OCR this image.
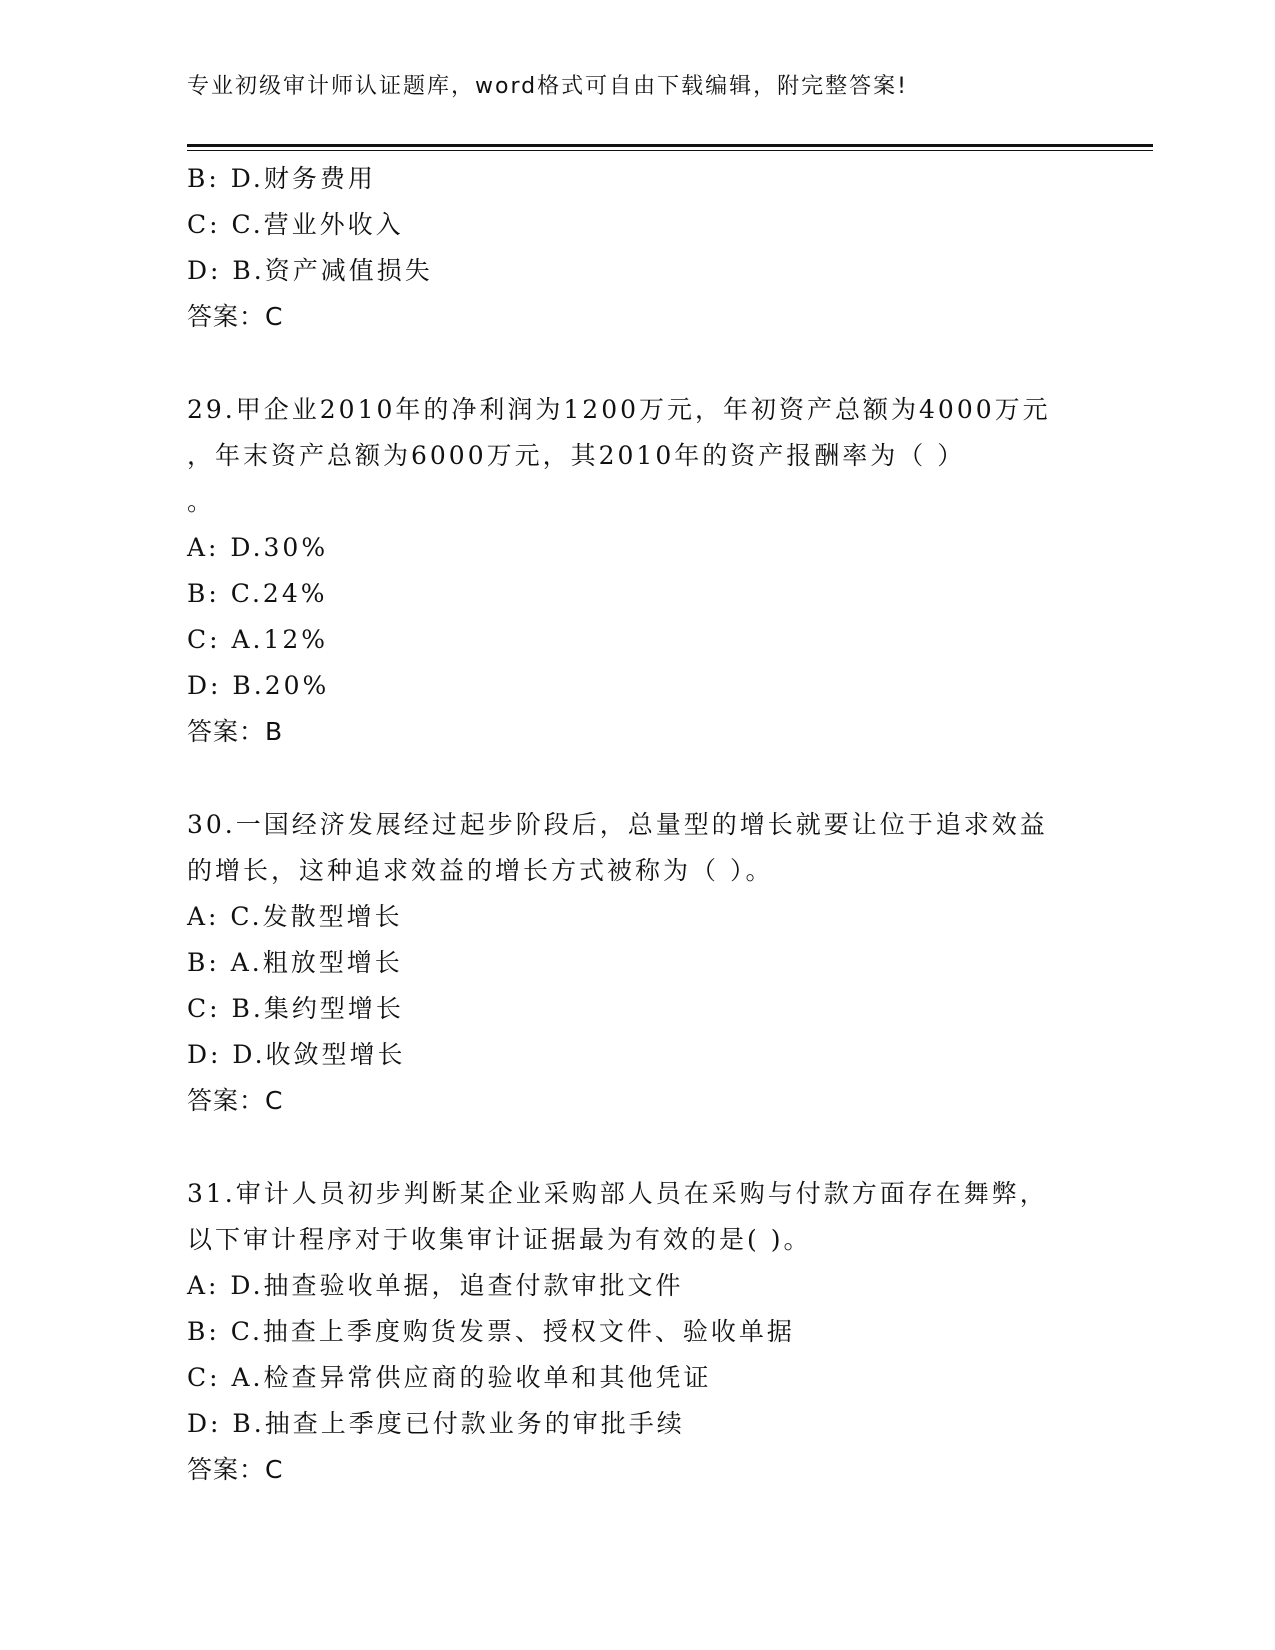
专业初级审计师认证题库，word格式可自由下载编辑，附完整答案!
B: D.财务费用
C: C.营业外收入
D: B.资产减值损失
答案：C
29.甲企业2010年的净利润为1200万元，年初资产总额为4000万元
，年末资产总额为6000万元，其2010年的资产报酬率为（ ）
。
A: D.30%
B: C.24%
C: A.12%
D: B.20%
答案：B
30.一国经济发展经过起步阶段后，总量型的增长就要让位于追求效益
的增长，这种追求效益的增长方式被称为（ ）。
A: C.发散型增长
B: A.粗放型增长
C: B.集约型增长
D: D.收敛型增长
答案：C
31.审计人员初步判断某企业采购部人员在采购与付款方面存在舞弊，
以下审计程序对于收集审计证据最为有效的是( )。
A: D.抽查验收单据，追查付款审批文件
B: C.抽查上季度购货发票、授权文件、验收单据
C: A.检查异常供应商的验收单和其他凭证
D: B.抽查上季度已付款业务的审批手续
答案：C
